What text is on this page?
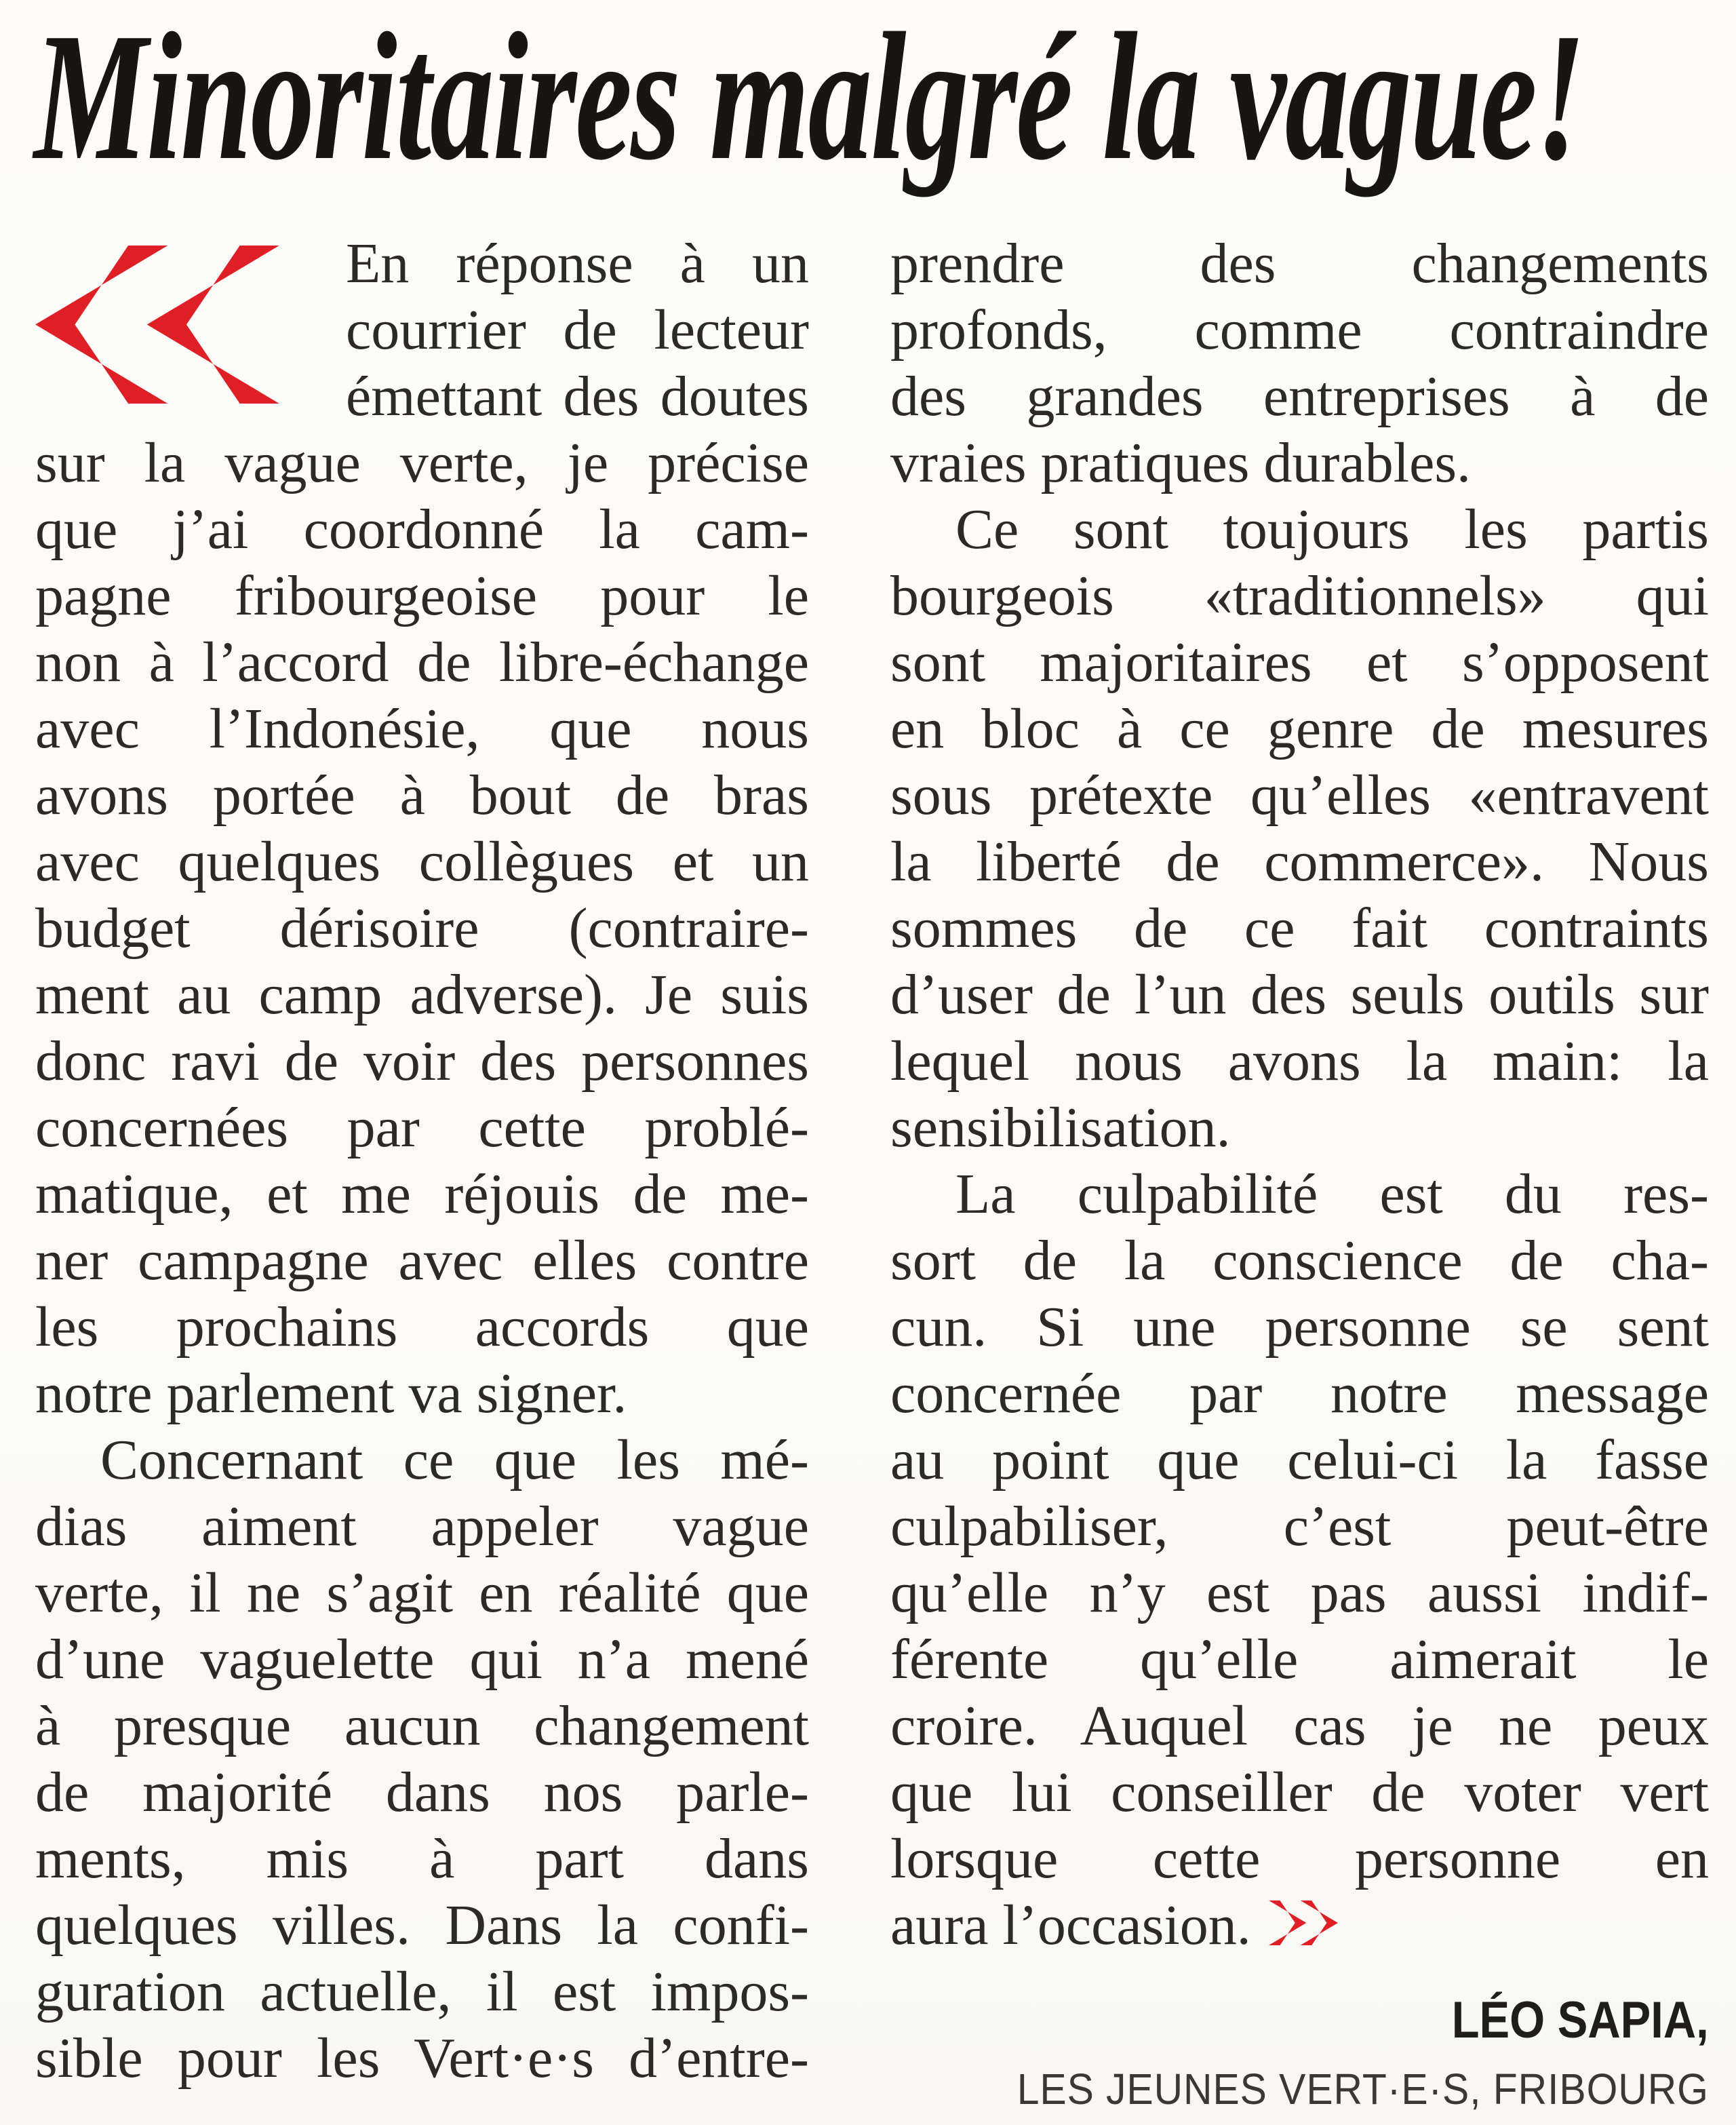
Minoritaires malgré la vague!
En réponse à un
courrier de lecteur
émettant des doutes
sur la vague verte, je précise
que j’ai coordonné la cam-
pagne fribourgeoise pour le
non à l’accord de libre-échange
avec l’Indonésie, que nous
avons portée à bout de bras
avec quelques collègues et un
budget dérisoire (contraire-
ment au camp adverse). Je suis
donc ravi de voir des personnes
concernées par cette problé-
matique, et me réjouis de me-
ner campagne avec elles contre
les prochains accords que
notre parlement va signer.
Concernant ce que les mé-
dias aiment appeler vague
verte, il ne s’agit en réalité que
d’une vaguelette qui n’a mené
à presque aucun changement
de majorité dans nos parle-
ments, mis à part dans
quelques villes. Dans la confi-
guration actuelle, il est impos-
sible pour les Vert·e·s d’entre-
prendre des changements
profonds, comme contraindre
des grandes entreprises à de
vraies pratiques durables.
Ce sont toujours les partis
bourgeois «traditionnels» qui
sont majoritaires et s’opposent
en bloc à ce genre de mesures
sous prétexte qu’elles «entravent
la liberté de commerce». Nous
sommes de ce fait contraints
d’user de l’un des seuls outils sur
lequel nous avons la main: la
sensibilisation.
La culpabilité est du res-
sort de la conscience de cha-
cun. Si une personne se sent
concernée par notre message
au point que celui-ci la fasse
culpabiliser, c’est peut-être
qu’elle n’y est pas aussi indif-
férente qu’elle aimerait le
croire. Auquel cas je ne peux
que lui conseiller de voter vert
lorsque cette personne en
aura l’occasion.
LÉO SAPIA,
LES JEUNES VERT·E·S, FRIBOURG
